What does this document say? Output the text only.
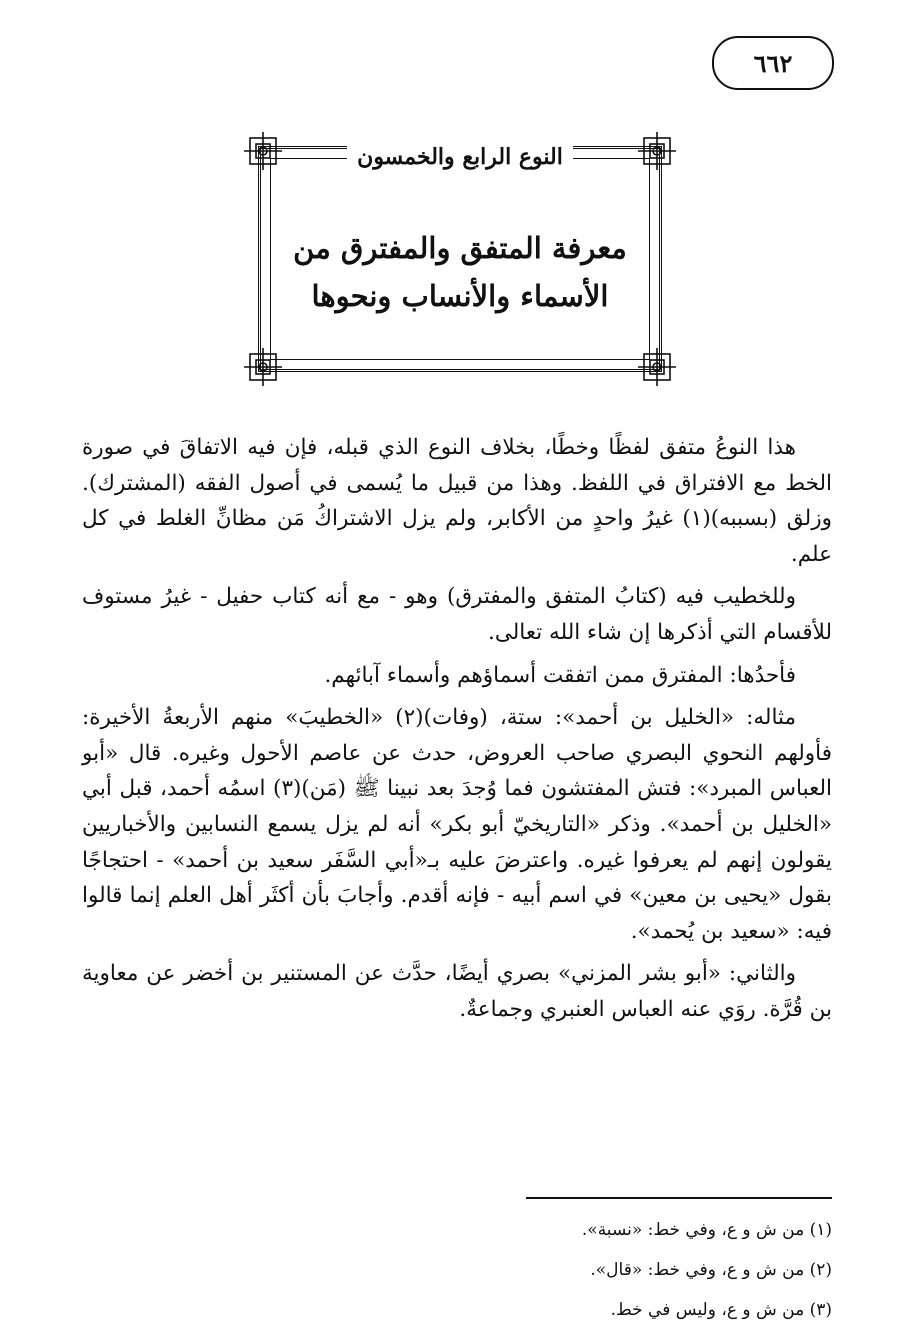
٦٦٢
النوع الرابع والخمسون
معرفة المتفق والمفترق من
الأسماء والأنساب ونحوها

هذا النوعُ متفق لفظًا وخطًا، بخلاف النوع الذي قبله، فإن فيه الاتفاقَ في صورة الخط مع الافتراق في اللفظ. وهذا من قبيل ما يُسمى في أصول الفقه (المشترك). وزلق (بسببه)(١) غيرُ واحدٍ من الأكابر، ولم يزل الاشتراكُ مَن مظانِّ الغلط في كل علم.

وللخطيب فيه (كتابُ المتفق والمفترق) وهو - مع أنه كتاب حفيل - غيرُ مستوف للأقسام التي أذكرها إن شاء الله تعالى.

فأحدُها: المفترق ممن اتفقت أسماؤهم وأسماء آبائهم.

مثاله: «الخليل بن أحمد»: ستة، (وفات)(٢) «الخطيبَ» منهم الأربعةُ الأخيرة: فأولهم النحوي البصري صاحب العروض، حدث عن عاصم الأحول وغيره. قال «أبو العباس المبرد»: فتش المفتشون فما وُجدَ بعد نبينا ﷺ (مَن)(٣) اسمُه أحمد، قبل أبي «الخليل بن أحمد». وذكر «التاريخيّ أبو بكر» أنه لم يزل يسمع النسابين والأخباريين يقولون إنهم لم يعرفوا غيره. واعترضَ عليه بـ«أبي السَّفَر سعيد بن أحمد» - احتجاجًا بقول «يحيى بن معين» في اسم أبيه - فإنه أقدم. وأجابَ بأن أكثَر أهل العلم إنما قالوا فيه: «سعيد بن يُحمد».

والثاني: «أبو بشر المزني» بصري أيضًا، حدَّث عن المستنير بن أخضر عن معاوية بن قُرَّة. روَي عنه العباس العنبري وجماعةٌ.

(١) من ش و ع، وفي خط: «نسبة».
(٢) من ش و ع، وفي خط: «قال».
(٣) من ش و ع، وليس في خط.
